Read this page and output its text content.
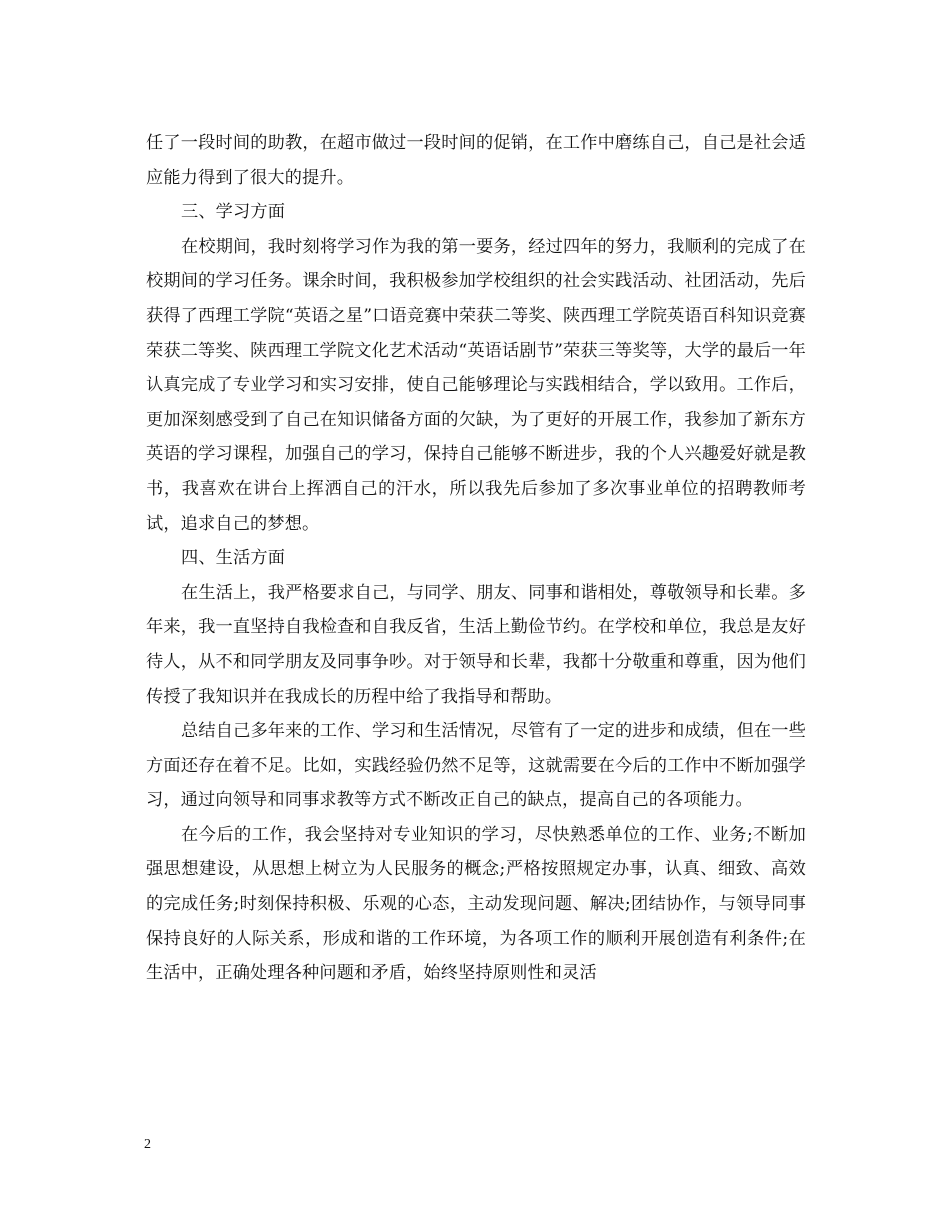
任了一段时间的助教，在超市做过一段时间的促销，在工作中磨练自己，自己是社会适应能力得到了很大的提升。

三、学习方面

在校期间，我时刻将学习作为我的第一要务，经过四年的努力，我顺利的完成了在校期间的学习任务。课余时间，我积极参加学校组织的社会实践活动、社团活动，先后获得了西理工学院“英语之星”口语竞赛中荣获二等奖、陕西理工学院英语百科知识竞赛荣获二等奖、陕西理工学院文化艺术活动“英语话剧节”荣获三等奖等，大学的最后一年认真完成了专业学习和实习安排，使自己能够理论与实践相结合，学以致用。工作后，更加深刻感受到了自己在知识储备方面的欠缺，为了更好的开展工作，我参加了新东方英语的学习课程，加强自己的学习，保持自己能够不断进步，我的个人兴趣爱好就是教书，我喜欢在讲台上挥洒自己的汗水，所以我先后参加了多次事业单位的招聘教师考试，追求自己的梦想。

四、生活方面

在生活上，我严格要求自己，与同学、朋友、同事和谐相处，尊敬领导和长辈。多年来，我一直坚持自我检查和自我反省，生活上勤俭节约。在学校和单位，我总是友好待人，从不和同学朋友及同事争吵。对于领导和长辈，我都十分敬重和尊重，因为他们传授了我知识并在我成长的历程中给了我指导和帮助。

总结自己多年来的工作、学习和生活情况，尽管有了一定的进步和成绩，但在一些方面还存在着不足。比如，实践经验仍然不足等，这就需要在今后的工作中不断加强学习，通过向领导和同事求教等方式不断改正自己的缺点，提高自己的各项能力。

在今后的工作，我会坚持对专业知识的学习，尽快熟悉单位的工作、业务;不断加强思想建设，从思想上树立为人民服务的概念;严格按照规定办事，认真、细致、高效的完成任务;时刻保持积极、乐观的心态，主动发现问题、解决;团结协作，与领导同事保持良好的人际关系，形成和谐的工作环境，为各项工作的顺利开展创造有利条件;在生活中，正确处理各种问题和矛盾，始终坚持原则性和灵活

2
